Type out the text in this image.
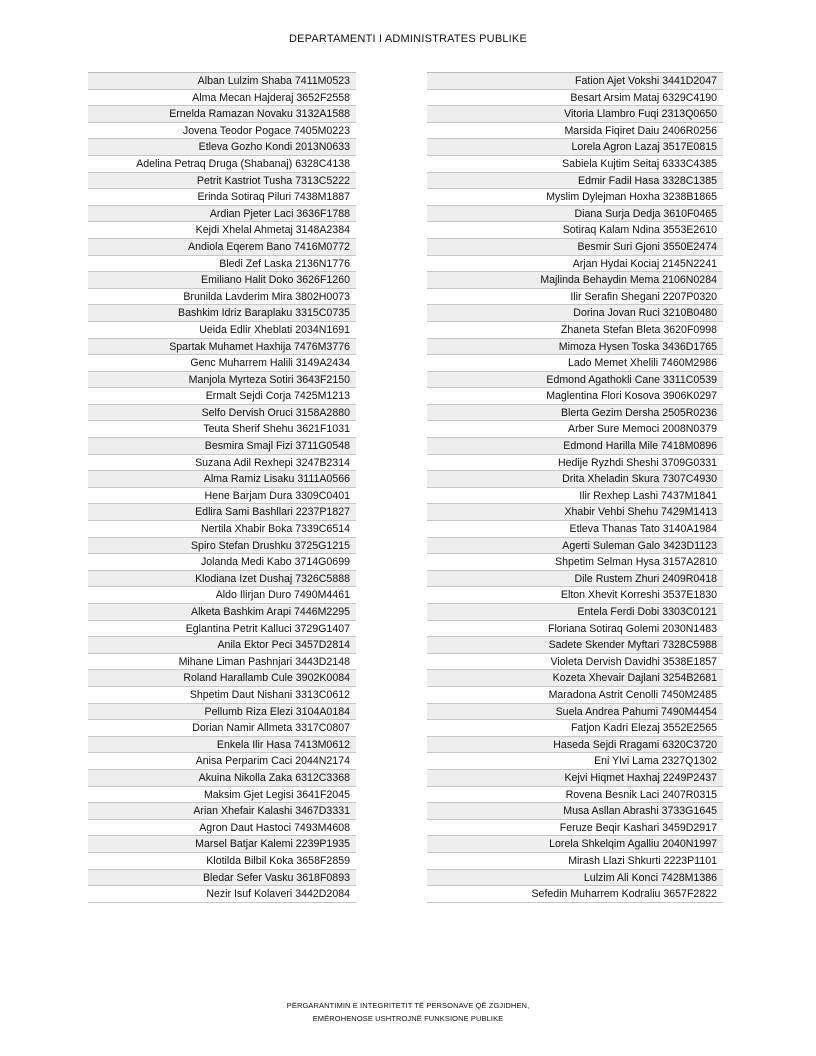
DEPARTAMENTI I ADMINISTRATES PUBLIKE
Alban Lulzim Shaba 7411M0523
Alma Mecan Hajderaj 3652F2558
Ernelda Ramazan Novaku 3132A1588
Jovena Teodor Pogace 7405M0223
Etleva Gozho Kondi 2013N0633
Adelina Petraq Druga (Shabanaj) 6328C4138
Petrit Kastriot Tusha 7313C5222
Erinda Sotiraq Piluri 7438M1887
Ardian Pjeter Laci 3636F1788
Kejdi Xhelal Ahmetaj 3148A2384
Andiola Eqerem Bano 7416M0772
Bledi Zef Laska 2136N1776
Emiliano Halit Doko 3626F1260
Brunilda Lavderim Mira 3802H0073
Bashkim Idriz Baraplaku 3315C0735
Ueida Edlir Xheblati 2034N1691
Spartak Muhamet Haxhija 7476M3776
Genc Muharrem Halili 3149A2434
Manjola Myrteza Sotiri 3643F2150
Ermalt Sejdi Corja 7425M1213
Selfo Dervish Oruci 3158A2880
Teuta Sherif Shehu 3621F1031
Besmira Smajl Fizi 3711G0548
Suzana Adil Rexhepi 3247B2314
Alma Ramiz Lisaku 3111A0566
Hene Barjam Dura 3309C0401
Edlira Sami Bashllari 2237P1827
Nertila Xhabir Boka 7339C6514
Spiro Stefan Drushku 3725G1215
Jolanda Medi Kabo 3714G0699
Klodiana Izet Dushaj 7326C5888
Aldo Ilirjan Duro 7490M4461
Alketa Bashkim Arapi 7446M2295
Eglantina Petrit Kalluci 3729G1407
Anila Ektor Peci 3457D2814
Mihane Liman Pashnjari 3443D2148
Roland Harallamb Cule 3902K0084
Shpetim Daut Nishani 3313C0612
Pellumb Riza Elezi 3104A0184
Dorian Namir Allmeta 3317C0807
Enkela Ilir Hasa 7413M0612
Anisa Perparim Caci 2044N2174
Akuina Nikolla Zaka 6312C3368
Maksim Gjet Legisi 3641F2045
Arian Xhefair Kalashi 3467D3331
Agron Daut Hastoci 7493M4608
Marsel Batjar Kalemi 2239P1935
Klotilda Bilbil Koka 3658F2859
Bledar Sefer Vasku 3618F0893
Nezir Isuf Kolaveri 3442D2084
Fation Ajet Vokshi 3441D2047
Besart Arsim Mataj 6329C4190
Vitoria Llambro Fuqi 2313Q0650
Marsida Fiqiret Daiu 2406R0256
Lorela Agron Lazaj 3517E0815
Sabiela Kujtim Seitaj 6333C4385
Edmir Fadil Hasa 3328C1385
Myslim Dylejman Hoxha 3238B1865
Diana Surja Dedja 3610F0465
Sotiraq Kalam Ndina 3553E2610
Besmir Suri Gjoni 3550E2474
Arjan Hydai Kociaj 2145N2241
Majlinda Behaydin Mema 2106N0284
Ilir Serafin Shegani 2207P0320
Dorina Jovan Ruci 3210B0480
Zhaneta Stefan Bleta 3620F0998
Mimoza Hysen Toska 3436D1765
Lado Memet Xhelili 7460M2986
Edmond Agathokli Cane 3311C0539
Maglentina Flori Kosova 3906K0297
Blerta Gezim Dersha 2505R0236
Arber Sure Memoci 2008N0379
Edmond Harilla Mile 7418M0896
Hedije Ryzhdi Sheshi 3709G0331
Drita Xheladin Skura 7307C4930
Ilir Rexhep Lashi 7437M1841
Xhabir Vehbi Shehu 7429M1413
Etleva Thanas Tato 3140A1984
Agerti Suleman Galo 3423D1123
Shpetim Selman Hysa 3157A2810
Dile Rustem Zhuri 2409R0418
Elton Xhevit Korreshi 3537E1830
Entela Ferdi Dobi 3303C0121
Floriana Sotiraq Golemi 2030N1483
Sadete Skender Myftari 7328C5988
Violeta Dervish Davidhi 3538E1857
Kozeta Xhevair Dajlani 3254B2681
Maradona Astrit Cenolli 7450M2485
Suela Andrea Pahumi 7490M4454
Fatjon Kadri Elezaj 3552E2565
Haseda Sejdi Rragami 6320C3720
Eni Ylvi Lama 2327Q1302
Kejvi Hiqmet Haxhaj 2249P2437
Rovena Besnik Laci 2407R0315
Musa Asllan Abrashi 3733G1645
Feruze Beqir Kashari 3459D2917
Lorela Shkelqim Agalliu 2040N1997
Mirash Llazi Shkurti 2223P1101
Lulzim Ali Konci 7428M1386
Sefedin Muharrem Kodraliu 3657F2822
PËRGARANTIMIN E INTEGRITETIT TË PERSONAVE QË ZGJIDHEN,
EMËROHENOSE USHTROJNË FUNKSIONE PUBLIKE
